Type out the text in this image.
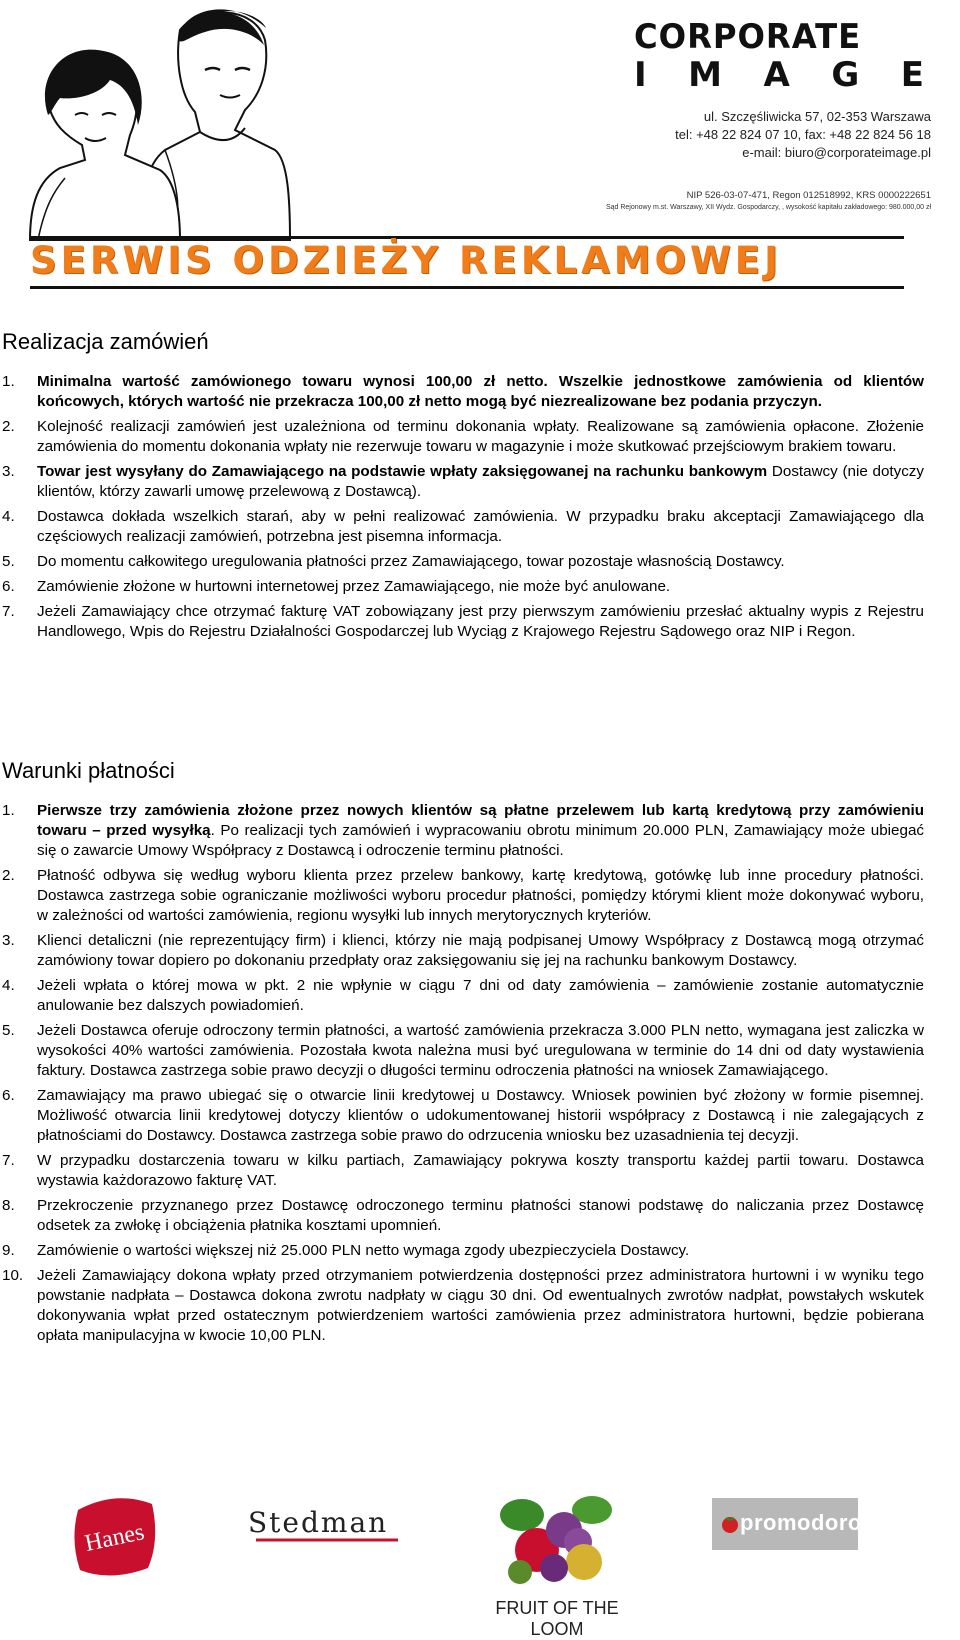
CORPORATE
I M A G E
ul. Szczęśliwicka 57, 02-353 Warszawa
tel: +48 22 824 07 10, fax: +48 22 824 56 18
e-mail: biuro@corporateimage.pl
NIP 526-03-07-471, Regon 012518992, KRS 0000222651
Sąd Rejonowy m.st. Warszawy, XII Wydz. Gospodarczy, , wysokość kapitału zakładowego: 980.000,00 zł
SERWIS ODZIEŻY REKLAMOWEJ
Realizacja zamówień
1. Minimalna wartość zamówionego towaru wynosi 100,00 zł netto. Wszelkie jednostkowe zamówienia od klientów końcowych, których wartość nie przekracza 100,00 zł netto mogą być niezrealizowane bez podania przyczyn.
2. Kolejność realizacji zamówień jest uzależniona od terminu dokonania wpłaty. Realizowane są zamówienia opłacone. Złożenie zamówienia do momentu dokonania wpłaty nie rezerwuje towaru w magazynie i może skutkować przejściowym brakiem towaru.
3. Towar jest wysyłany do Zamawiającego na podstawie wpłaty zaksięgowanej na rachunku bankowym Dostawcy (nie dotyczy klientów, którzy zawarli umowę przelewową z Dostawcą).
4. Dostawca dokłada wszelkich starań, aby w pełni realizować zamówienia. W przypadku braku akceptacji Zamawiającego dla częściowych realizacji zamówień, potrzebna jest pisemna informacja.
5. Do momentu całkowitego uregulowania płatności przez Zamawiającego, towar pozostaje własnością Dostawcy.
6. Zamówienie złożone w hurtowni internetowej przez Zamawiającego, nie może być anulowane.
7. Jeżeli Zamawiający chce otrzymać fakturę VAT zobowiązany jest przy pierwszym zamówieniu przesłać aktualny wypis z Rejestru Handlowego, Wpis do Rejestru Działalności Gospodarczej lub Wyciąg z Krajowego Rejestru Sądowego oraz NIP i Regon.
Warunki płatności
1. Pierwsze trzy zamówienia złożone przez nowych klientów są płatne przelewem lub kartą kredytową przy zamówieniu towaru – przed wysyłką. Po realizacji tych zamówień i wypracowaniu obrotu minimum 20.000 PLN, Zamawiający może ubiegać się o zawarcie Umowy Współpracy z Dostawcą i odroczenie terminu płatności.
2. Płatność odbywa się według wyboru klienta przez przelew bankowy, kartę kredytową, gotówkę lub inne procedury płatności. Dostawca zastrzega sobie ograniczanie możliwości wyboru procedur płatności, pomiędzy którymi klient może dokonywać wyboru, w zależności od wartości zamówienia, regionu wysyłki lub innych merytorycznych kryteriów.
3. Klienci detaliczni (nie reprezentujący firm) i klienci, którzy nie mają podpisanej Umowy Współpracy z Dostawcą mogą otrzymać zamówiony towar dopiero po dokonaniu przedpłaty oraz zaksięgowaniu się jej na rachunku bankowym Dostawcy.
4. Jeżeli wpłata o której mowa w pkt. 2 nie wpłynie w ciągu 7 dni od daty zamówienia – zamówienie zostanie automatycznie anulowanie bez dalszych powiadomień.
5. Jeżeli Dostawca oferuje odroczony termin płatności, a wartość zamówienia przekracza 3.000 PLN netto, wymagana jest zaliczka w wysokości 40% wartości zamówienia. Pozostała kwota należna musi być uregulowana w terminie do 14 dni od daty wystawienia faktury. Dostawca zastrzega sobie prawo decyzji o długości terminu odroczenia płatności na wniosek Zamawiającego.
6. Zamawiający ma prawo ubiegać się o otwarcie linii kredytowej u Dostawcy. Wniosek powinien być złożony w formie pisemnej. Możliwość otwarcia linii kredytowej dotyczy klientów o udokumentowanej historii współpracy z Dostawcą i nie zalegających z płatnościami do Dostawcy. Dostawca zastrzega sobie prawo do odrzucenia wniosku bez uzasadnienia tej decyzji.
7. W przypadku dostarczenia towaru w kilku partiach, Zamawiający pokrywa koszty transportu każdej partii towaru. Dostawca wystawia każdorazowo fakturę VAT.
8. Przekroczenie przyznanego przez Dostawcę odroczonego terminu płatności stanowi podstawę do naliczania przez Dostawcę odsetek za zwłokę i obciążenia płatnika kosztami upomnień.
9. Zamówienie o wartości większej niż 25.000 PLN netto wymaga zgody ubezpieczyciela Dostawcy.
10. Jeżeli Zamawiający dokona wpłaty przed otrzymaniem potwierdzenia dostępności przez administratora hurtowni i w wyniku tego powstanie nadpłata – Dostawca dokona zwrotu nadpłaty w ciągu 30 dni. Od ewentualnych zwrotów nadpłat, powstałych wskutek dokonywania wpłat przed ostatecznym potwierdzeniem wartości zamówienia przez administratora hurtowni, będzie pobierana opłata manipulacyjna w kwocie 10,00 PLN.
Hanes	Stedman
FRUIT OF THE LOOM
promodoro
